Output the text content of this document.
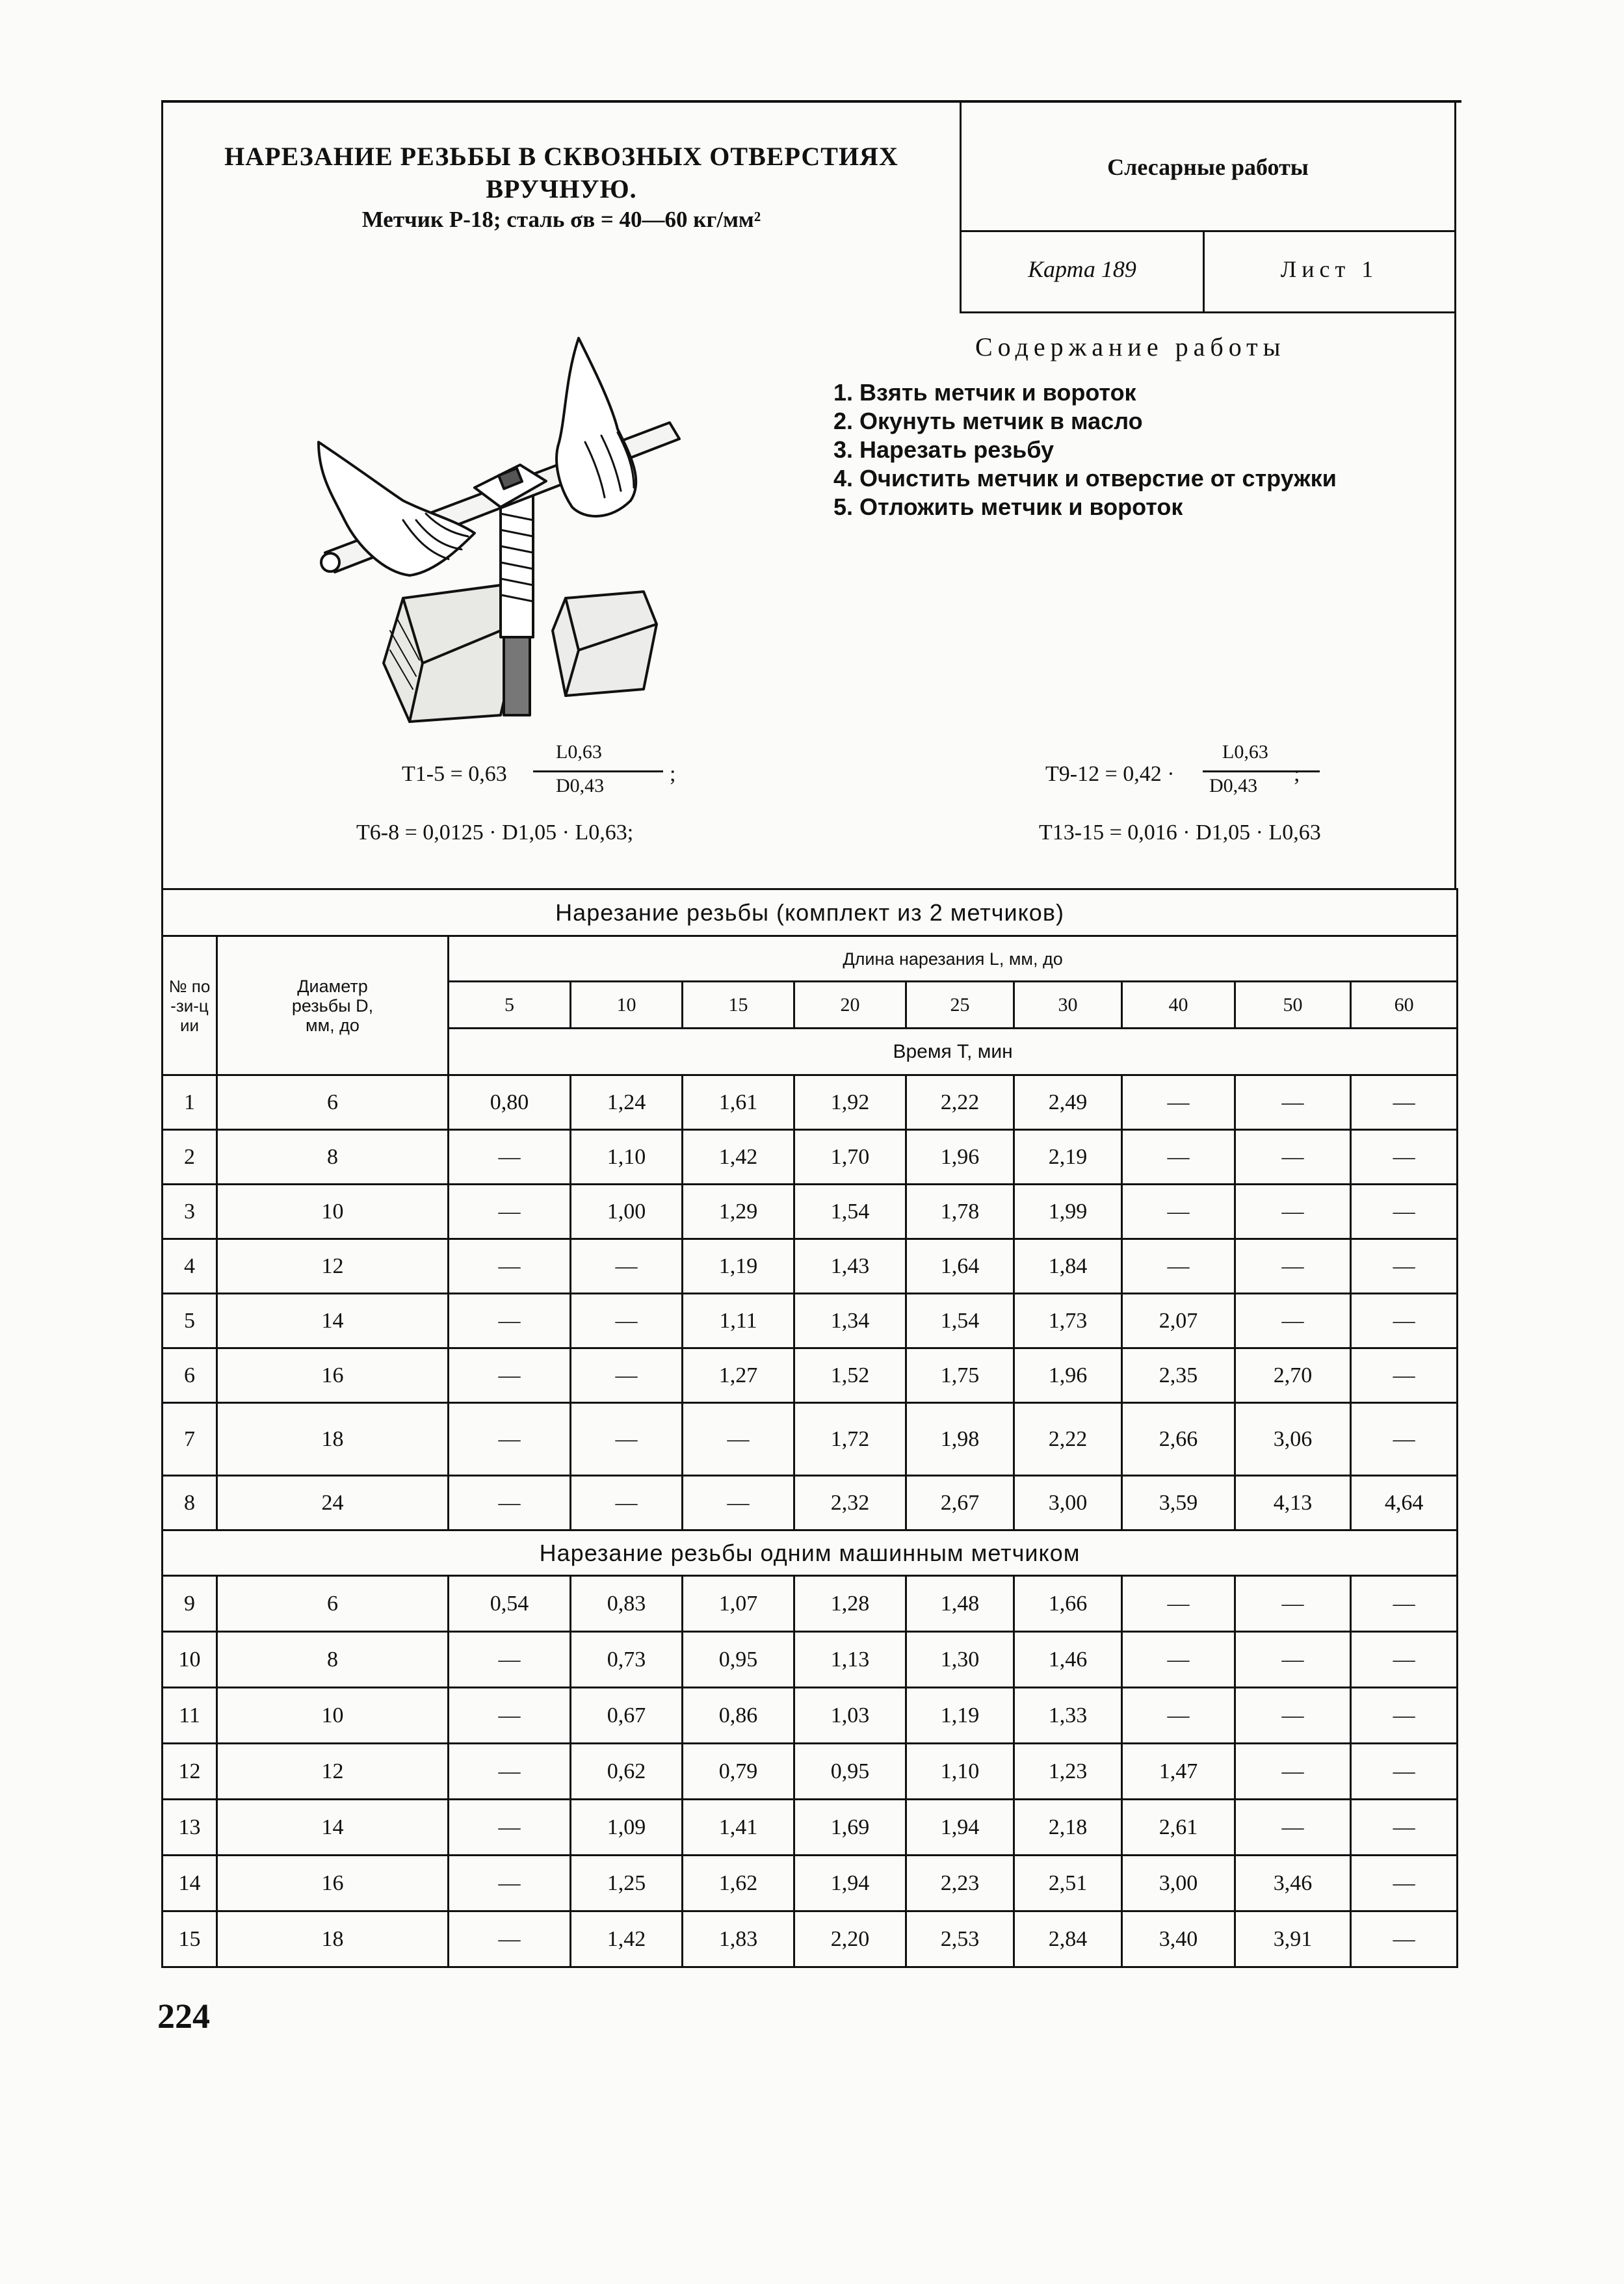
НАРЕЗАНИЕ РЕЗЬБЫ В СКВОЗНЫХ ОТВЕРСТИЯХ
ВРУЧНУЮ.
Метчик Р-18; сталь σв = 40—60 кг/мм²
Слесарные работы
Карта 189	Лист 1
Содержание работы
1. Взять метчик и вороток
2. Окунуть метчик в масло
3. Нарезать резьбу
4. Очистить метчик и отверстие от стружки
5. Отложить метчик и вороток
T1-5 = 0,63
L0,63
D0,43	;
T6-8 = 0,0125 · D1,05 · L0,63;
T9-12 = 0,42 ·
L0,63
D0,43 ;
T13-15 = 0,016 · D1,05 · L0,63
Нарезание резьбы (комплект из 2 метчиков)										
№ по-зи-ции	Диаметр резьбы D, мм, до	Длина нарезания L, мм, до								
		5	10	15	20	25	30	40	50	60
		Время T, мин								
1	6	0,80	1,24	1,61	1,92	2,22	2,49	—	—	—
2	8	—	1,10	1,42	1,70	1,96	2,19	—	—	—
3	10	—	1,00	1,29	1,54	1,78	1,99	—	—	—
4	12	—	—	1,19	1,43	1,64	1,84	—	—	—
5	14	—	—	1,11	1,34	1,54	1,73	2,07	—	—
6	16	—	—	1,27	1,52	1,75	1,96	2,35	2,70	—
7	18	—	—	—	1,72	1,98	2,22	2,66	3,06	—
8	24	—	—	—	2,32	2,67	3,00	3,59	4,13	4,64
Нарезание резьбы одним машинным метчиком										
9	6	0,54	0,83	1,07	1,28	1,48	1,66	—	—	—
10	8	—	0,73	0,95	1,13	1,30	1,46	—	—	—
11	10	—	0,67	0,86	1,03	1,19	1,33	—	—	—
12	12	—	0,62	0,79	0,95	1,10	1,23	1,47	—	—
13	14	—	1,09	1,41	1,69	1,94	2,18	2,61	—	—
14	16	—	1,25	1,62	1,94	2,23	2,51	3,00	3,46	—
15	18	—	1,42	1,83	2,20	2,53	2,84	3,40	3,91	—
224
